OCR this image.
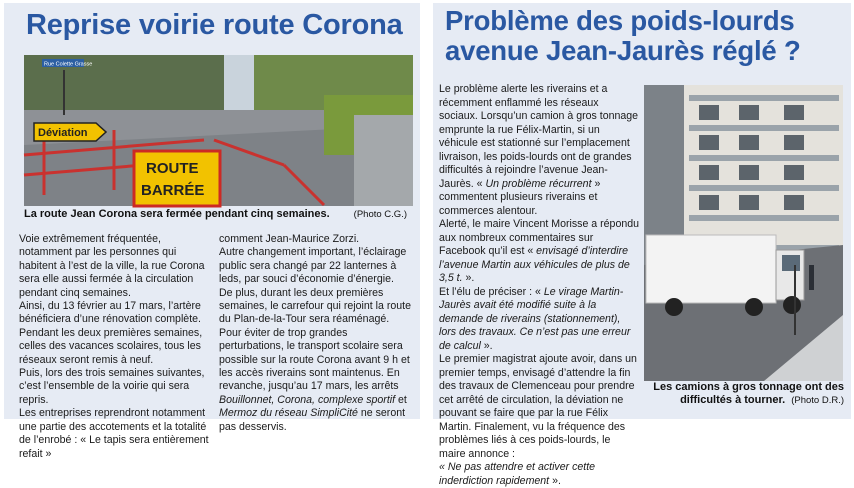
Reprise voirie route Corona
Rue Colette Grasse
Déviation
ROUTE
BARRÉE
La route Jean Corona sera fermée pendant cinq semaines.	(Photo C.G.)

Voie extrêmement fréquentée, notamment par les personnes qui habitent à l’est de la ville, la rue Corona sera elle aussi fermée à la circulation pendant cinq semaines.

Ainsi, du 13 février au 17 mars, l’artère bénéficiera d’une rénovation complète.

Pendant les deux premières semaines, celles des vacances scolaires, tous les réseaux seront remis à neuf.

Puis, lors des trois semaines suivantes, c’est l’ensemble de la voirie qui sera repris.

Les entreprises reprendront notamment une partie des accotements et la totalité de l’enrobé : « Le tapis sera entièrement refait »

comment Jean-Maurice Zorzi.

Autre changement important, l’éclairage public sera changé par 22 lanternes à leds, par souci d’économie d’énergie.

De plus, durant les deux premières semaines, le carrefour qui rejoint la route du Plan-de-la-Tour sera réaménagé.

Pour éviter de trop grandes perturbations, le transport scolaire sera possible sur la route Corona avant 9 h et les accès riverains sont maintenus. En revanche, jusqu’au 17 mars, les arrêts Bouillonnet, Corona, complexe sportif et Mermoz du réseau SimpliCité ne seront pas desservis.

Problème des poids-lourds
avenue Jean-Jaurès réglé ?

Le problème alerte les riverains et a récemment enflammé les réseaux sociaux. Lorsqu’un camion à gros tonnage emprunte la rue Félix-Martin, si un véhicule est stationné sur l’emplacement livraison, les poids-lourds ont de grandes difficultés à rejoindre l’avenue Jean-Jaurès. « Un problème récurrent » commentent plusieurs riverains et commerces alentour.

Alerté, le maire Vincent Morisse a répondu aux nombreux commentaires sur Facebook qu’il est « envisagé d’interdire l’avenue Martin aux véhicules de plus de 3,5 t. ».

Et l’élu de préciser : « Le virage Martin-Jaurès avait été modifié suite à la demande de riverains (stationnement), lors des travaux. Ce n’est pas une erreur de calcul ».

Le premier magistrat ajoute avoir, dans un premier temps, envisagé d’attendre la fin des travaux de Clemenceau pour prendre cet arrêté de circulation, la déviation ne pouvant se faire que par la rue Félix Martin. Finalement, vu la fréquence des problèmes liés à ces poids-lourds, le maire annonce :
« Ne pas attendre et activer cette inderdiction rapidement ».

Les camions à gros tonnage ont des difficultés à tourner. (Photo D.R.)
